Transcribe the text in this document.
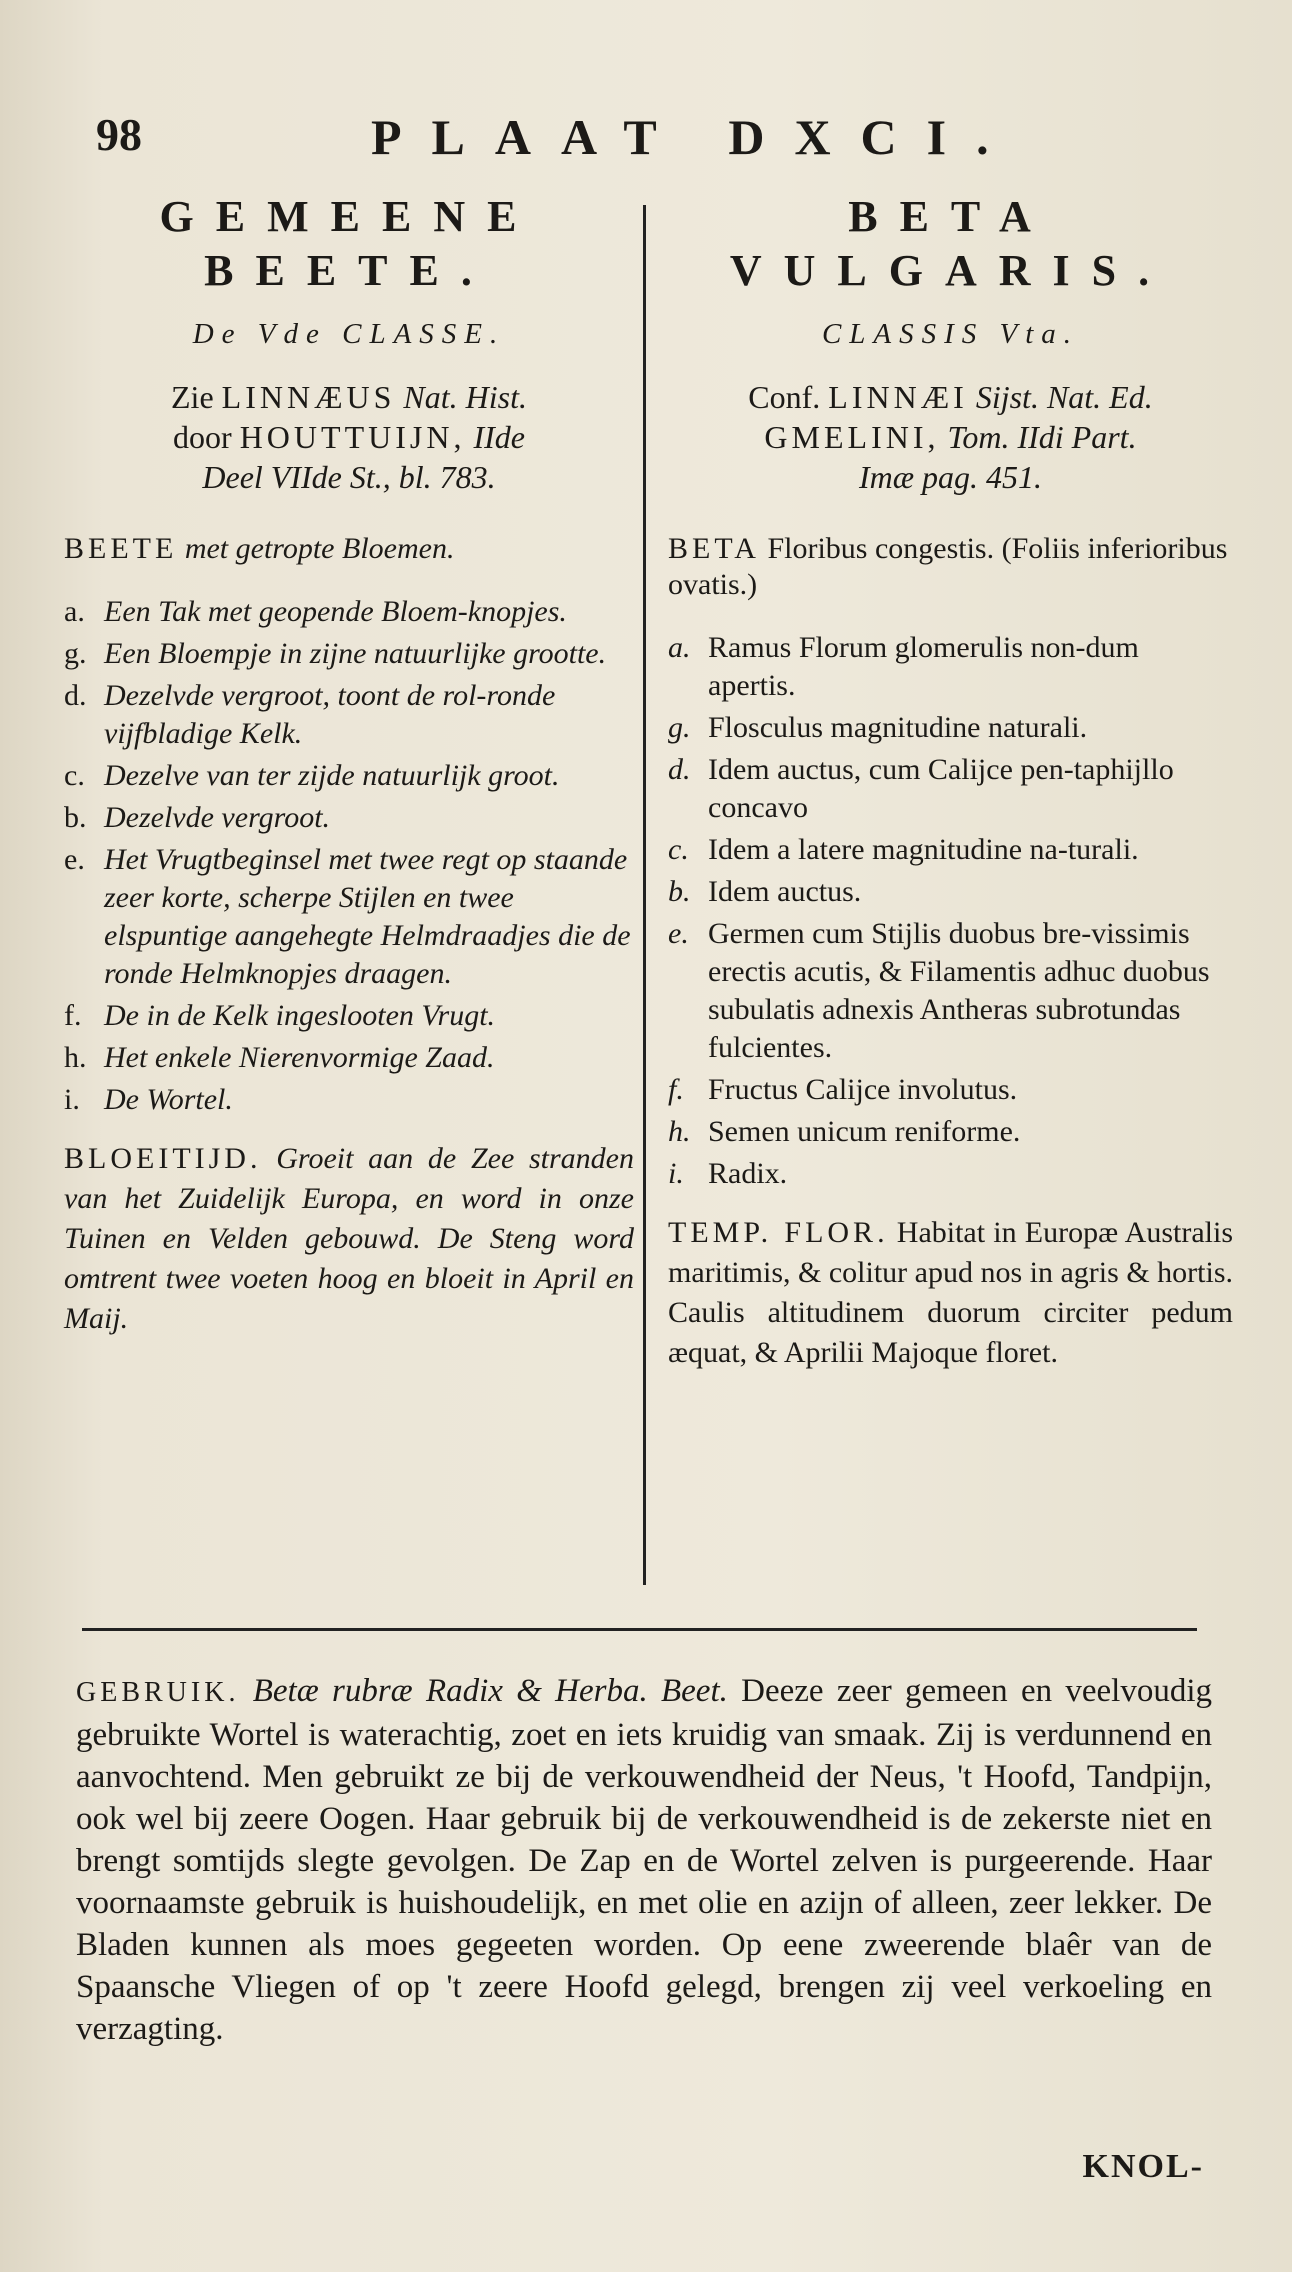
98	PLAAT DXCI.
GEMEENE
BEETE.
De Vde CLASSE.
Zie LINNÆUS Nat. Hist.
door HOUTTUIJN, IIde
Deel VIIde St., bl. 783.
BEETE met getropte Bloemen.
a. Een Tak met geopende Bloem-knopjes.
g. Een Bloempje in zijne natuurlijke grootte.
d. Dezelvde vergroot, toont de rol-ronde vijfbladige Kelk.
c. Dezelve van ter zijde natuurlijk groot.
b. Dezelvde vergroot.
e. Het Vrugtbeginsel met twee regt op staande zeer korte, scherpe Stijlen en twee elspuntige aangehegte Helmdraadjes die de ronde Helmknopjes draagen.
f. De in de Kelk ingeslooten Vrugt.
h. Het enkele Nierenvormige Zaad.
i. De Wortel.
BLOEITIJD. Groeit aan de Zee stranden van het Zuidelijk Europa, en word in onze Tuinen en Velden gebouwd. De Steng word omtrent twee voeten hoog en bloeit in April en Maij.
BETA
VULGARIS.
CLASSIS Vta.
Conf. LINNÆI Sijst. Nat. Ed.
GMELINI, Tom. IIdi Part.
Imæ pag. 451.
BETA Floribus congestis. (Foliis inferioribus ovatis.)
a. Ramus Florum glomerulis non-dum apertis.
g. Flosculus magnitudine naturali.
d. Idem auctus, cum Calijce pen-taphijllo concavo
c. Idem a latere magnitudine na-turali.
b. Idem auctus.
e. Germen cum Stijlis duobus bre-vissimis erectis acutis, & Filamentis adhuc duobus subulatis adnexis Antheras subrotundas fulcientes.
f. Fructus Calijce involutus.
h. Semen unicum reniforme.
i. Radix.
TEMP. FLOR. Habitat in Europæ Australis maritimis, & colitur apud nos in agris & hortis. Caulis altitudinem duorum circiter pedum æquat, & Aprilii Majoque floret.
GEBRUIK. Betæ rubræ Radix & Herba. Beet. Deeze zeer gemeen en veelvoudig gebruikte Wortel is waterachtig, zoet en iets kruidig van smaak. Zij is verdunnend en aanvochtend. Men gebruikt ze bij de verkouwendheid der Neus, 't Hoofd, Tandpijn, ook wel bij zeere Oogen. Haar gebruik bij de verkouwendheid is de zekerste niet en brengt somtijds slegte gevolgen. De Zap en de Wortel zelven is purgeerende. Haar voornaamste gebruik is huishoudelijk, en met olie en azijn of alleen, zeer lekker. De Bladen kunnen als moes gegeeten worden. Op eene zweerende blaêr van de Spaansche Vliegen of op 't zeere Hoofd gelegd, brengen zij veel verkoeling en verzagting.
KNOL-
